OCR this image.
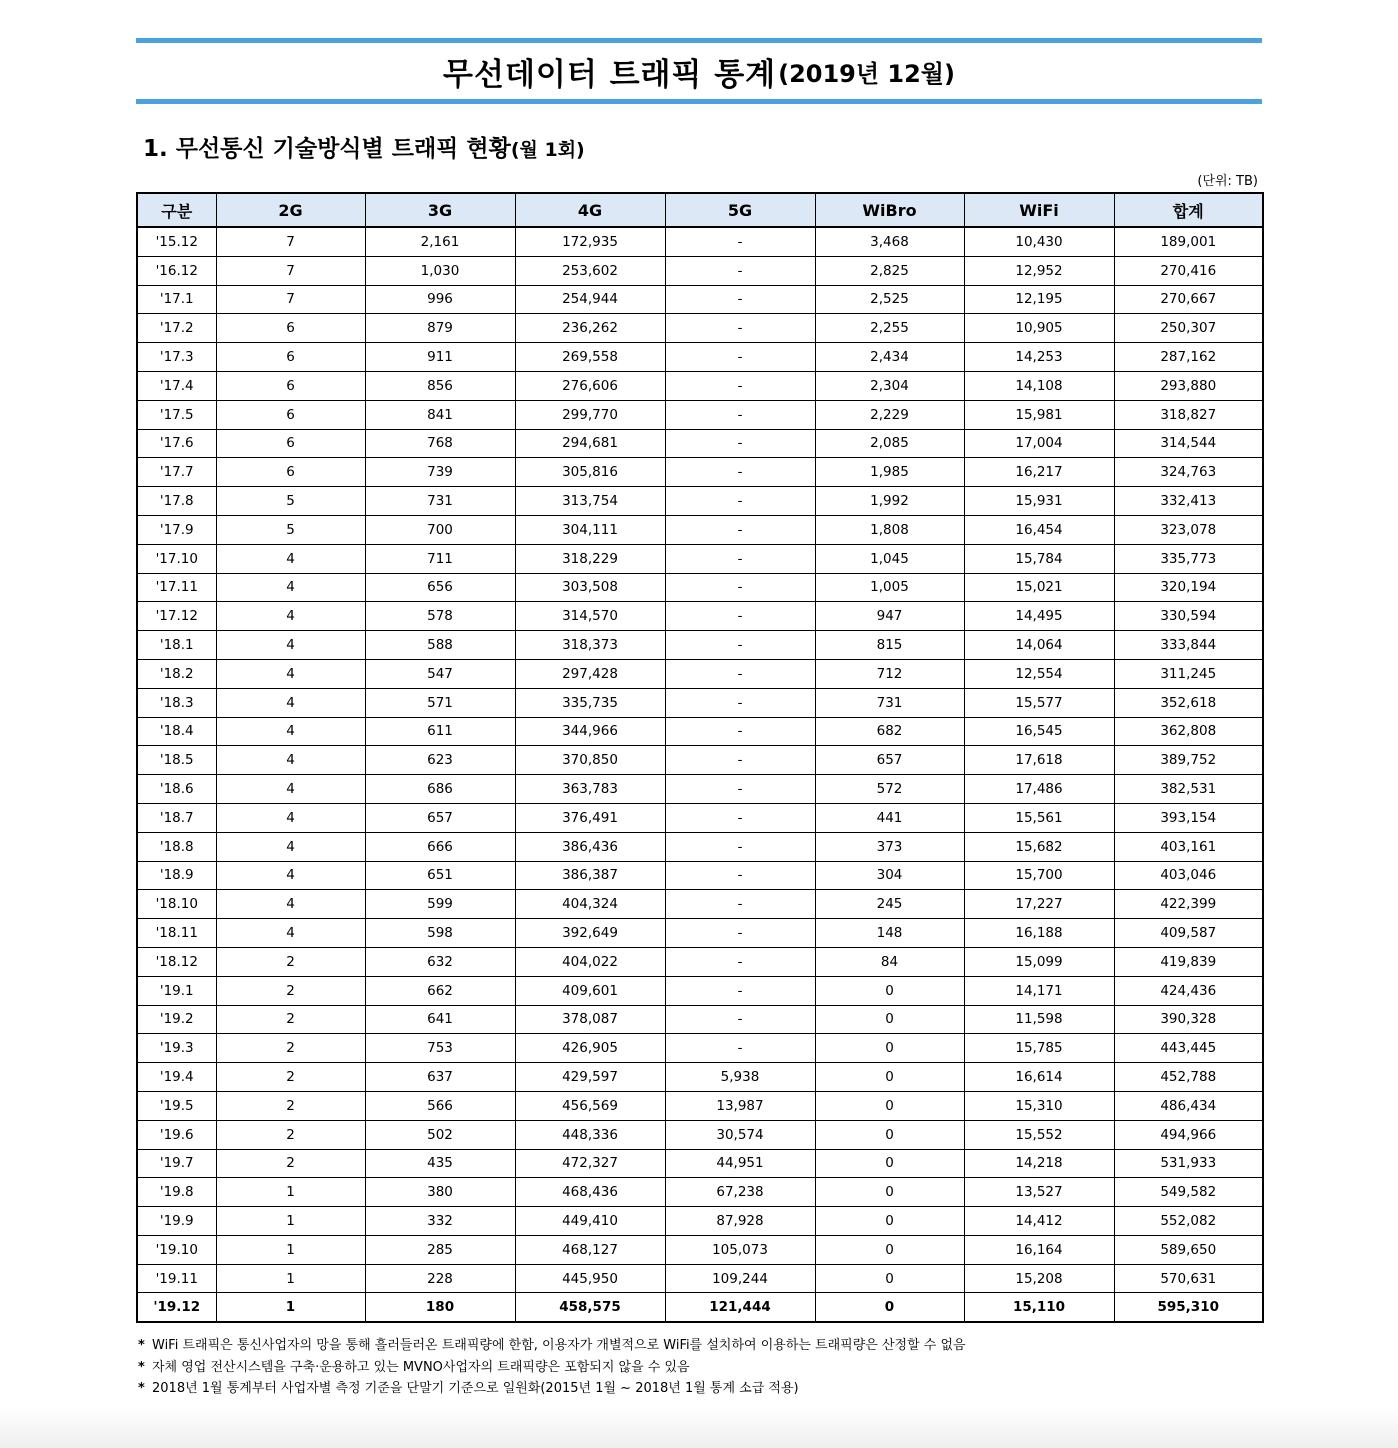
무선데이터 트래픽 통계 (2019년 12월)
1. 무선통신 기술방식별 트래픽 현황(월 1회)
(단위: TB)
구분	2G	3G	4G	5G	WiBro	WiFi	합계
'15.12	7	2,161	172,935	-	3,468	10,430	189,001
'16.12	7	1,030	253,602	-	2,825	12,952	270,416
'17.1	7	996	254,944	-	2,525	12,195	270,667
'17.2	6	879	236,262	-	2,255	10,905	250,307
'17.3	6	911	269,558	-	2,434	14,253	287,162
'17.4	6	856	276,606	-	2,304	14,108	293,880
'17.5	6	841	299,770	-	2,229	15,981	318,827
'17.6	6	768	294,681	-	2,085	17,004	314,544
'17.7	6	739	305,816	-	1,985	16,217	324,763
'17.8	5	731	313,754	-	1,992	15,931	332,413
'17.9	5	700	304,111	-	1,808	16,454	323,078
'17.10	4	711	318,229	-	1,045	15,784	335,773
'17.11	4	656	303,508	-	1,005	15,021	320,194
'17.12	4	578	314,570	-	947	14,495	330,594
'18.1	4	588	318,373	-	815	14,064	333,844
'18.2	4	547	297,428	-	712	12,554	311,245
'18.3	4	571	335,735	-	731	15,577	352,618
'18.4	4	611	344,966	-	682	16,545	362,808
'18.5	4	623	370,850	-	657	17,618	389,752
'18.6	4	686	363,783	-	572	17,486	382,531
'18.7	4	657	376,491	-	441	15,561	393,154
'18.8	4	666	386,436	-	373	15,682	403,161
'18.9	4	651	386,387	-	304	15,700	403,046
'18.10	4	599	404,324	-	245	17,227	422,399
'18.11	4	598	392,649	-	148	16,188	409,587
'18.12	2	632	404,022	-	84	15,099	419,839
'19.1	2	662	409,601	-	0	14,171	424,436
'19.2	2	641	378,087	-	0	11,598	390,328
'19.3	2	753	426,905	-	0	15,785	443,445
'19.4	2	637	429,597	5,938	0	16,614	452,788
'19.5	2	566	456,569	13,987	0	15,310	486,434
'19.6	2	502	448,336	30,574	0	15,552	494,966
'19.7	2	435	472,327	44,951	0	14,218	531,933
'19.8	1	380	468,436	67,238	0	13,527	549,582
'19.9	1	332	449,410	87,928	0	14,412	552,082
'19.10	1	285	468,127	105,073	0	16,164	589,650
'19.11	1	228	445,950	109,244	0	15,208	570,631
'19.12	1	180	458,575	121,444	0	15,110	595,310
* WiFi 트래픽은 통신사업자의 망을 통해 흘러들러온 트래픽량에 한함, 이용자가 개별적으로 WiFi를 설치하여 이용하는 트래픽량은 산정할 수 없음
* 자체 영업 전산시스템을 구축·운용하고 있는 MVNO사업자의 트래픽량은 포함되지 않을 수 있음
* 2018년 1월 통계부터 사업자별 측정 기준을 단말기 기준으로 일원화(2015년 1월 ~ 2018년 1월 통계 소급 적용)
